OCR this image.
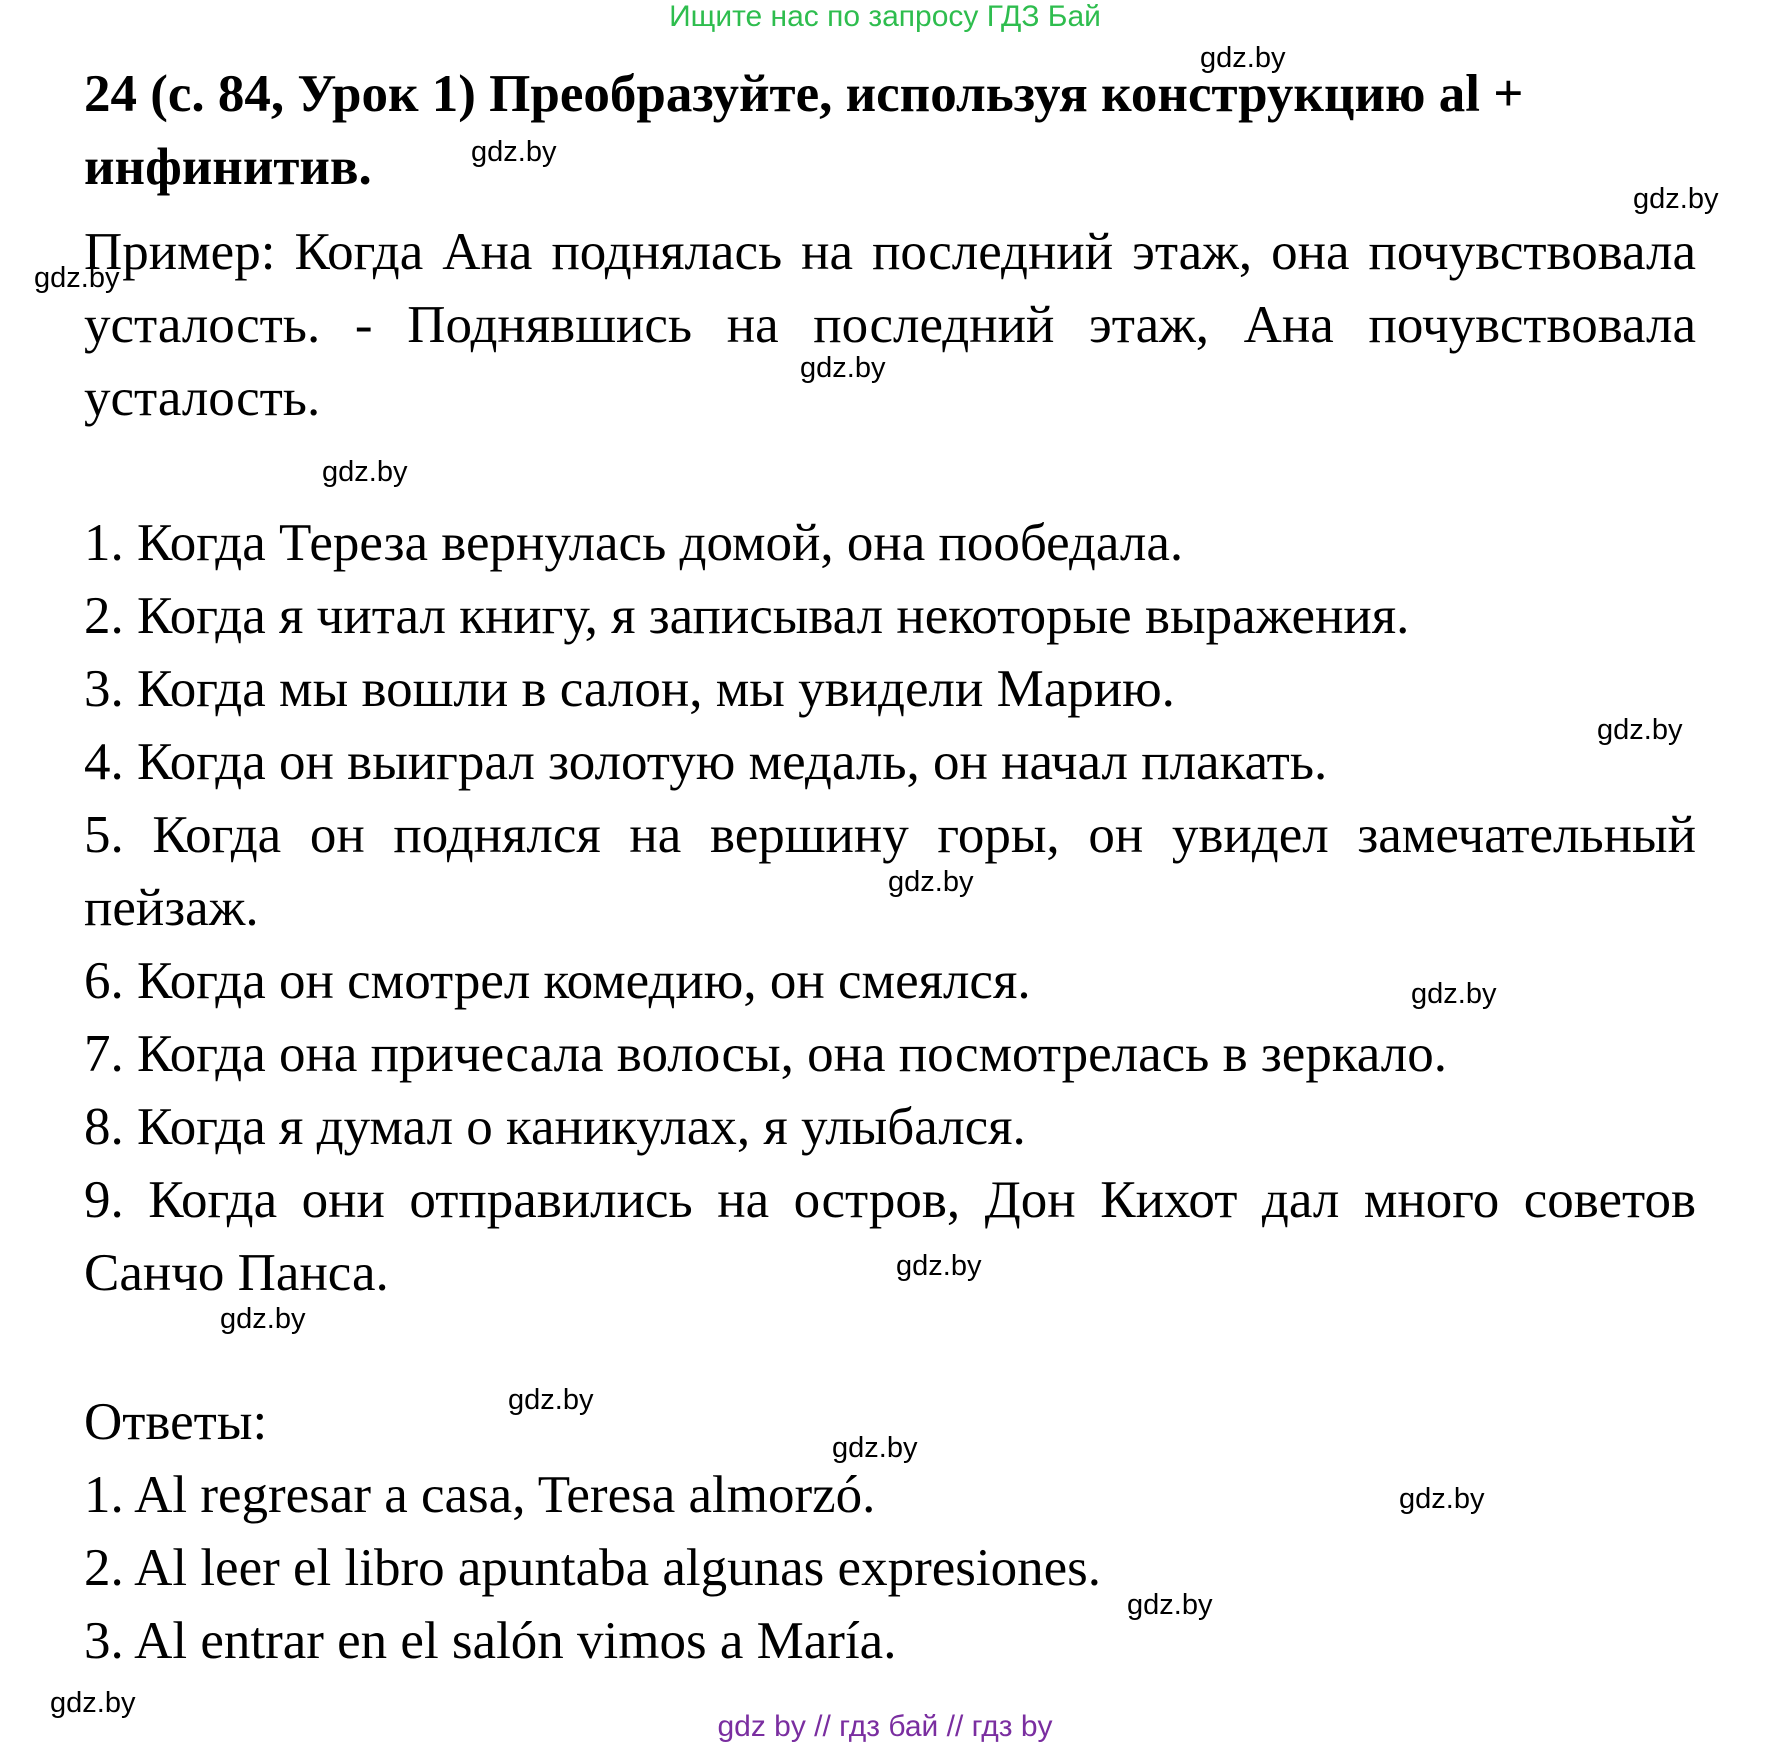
Ищите нас по запросу ГДЗ Бай

24 (с. 84, Урок 1) Преобразуйте, используя конструкцию al + инфинитив.

Пример: Когда Ана поднялась на последний этаж, она почувствовала усталость. - Поднявшись на последний этаж, Ана почувствовала усталость.

1. Когда Тереза вернулась домой, она пообедала.
2. Когда я читал книгу, я записывал некоторые выражения.
3. Когда мы вошли в салон, мы увидели Марию.
4. Когда он выиграл золотую медаль, он начал плакать.
5. Когда он поднялся на вершину горы, он увидел замечательный пейзаж.
6. Когда он смотрел комедию, он смеялся.
7. Когда она причесала волосы, она посмотрелась в зеркало.
8. Когда я думал о каникулах, я улыбался.
9. Когда они отправились на остров, Дон Кихот дал много советов Санчо Панса.

Ответы:

1. Al regresar a casa, Teresa almorzó.
2. Al leer el libro apuntaba algunas expresiones.
3. Al entrar en el salón vimos a María.
gdz.by
gdz.by
gdz.by
gdz.by
gdz.by
gdz.by
gdz.by
gdz.by
gdz.by
gdz.by
gdz.by
gdz.by
gdz.by
gdz.by
gdz.by
gdz.by
gdz by // гдз бай // гдз by
